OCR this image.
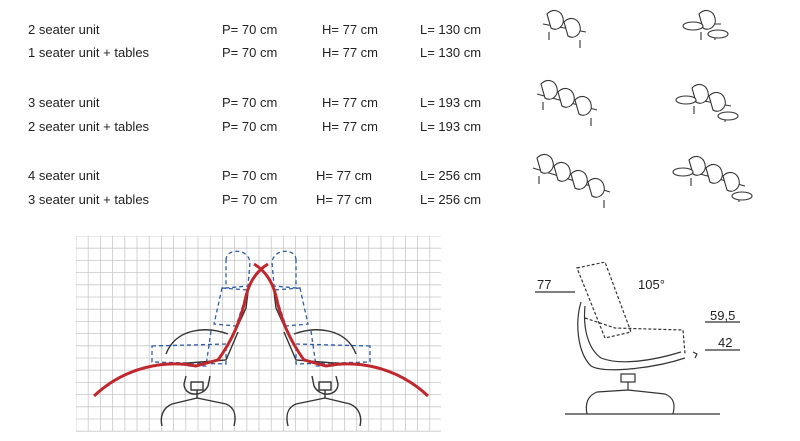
2 seater unit	P= 70 cm	H= 77 cm	L= 130 cm
1 seater unit + tables	P= 70 cm	H= 77 cm	L= 130 cm
3 seater unit	P= 70 cm	H= 77 cm	L= 193 cm
2 seater unit + tables	P= 70 cm	H= 77 cm	L= 193 cm
4 seater unit	P= 70 cm	H= 77 cm	L= 256 cm
3 seater unit + tables	P= 70 cm	H= 77 cm	L= 256 cm
77	105°
59,5
42
